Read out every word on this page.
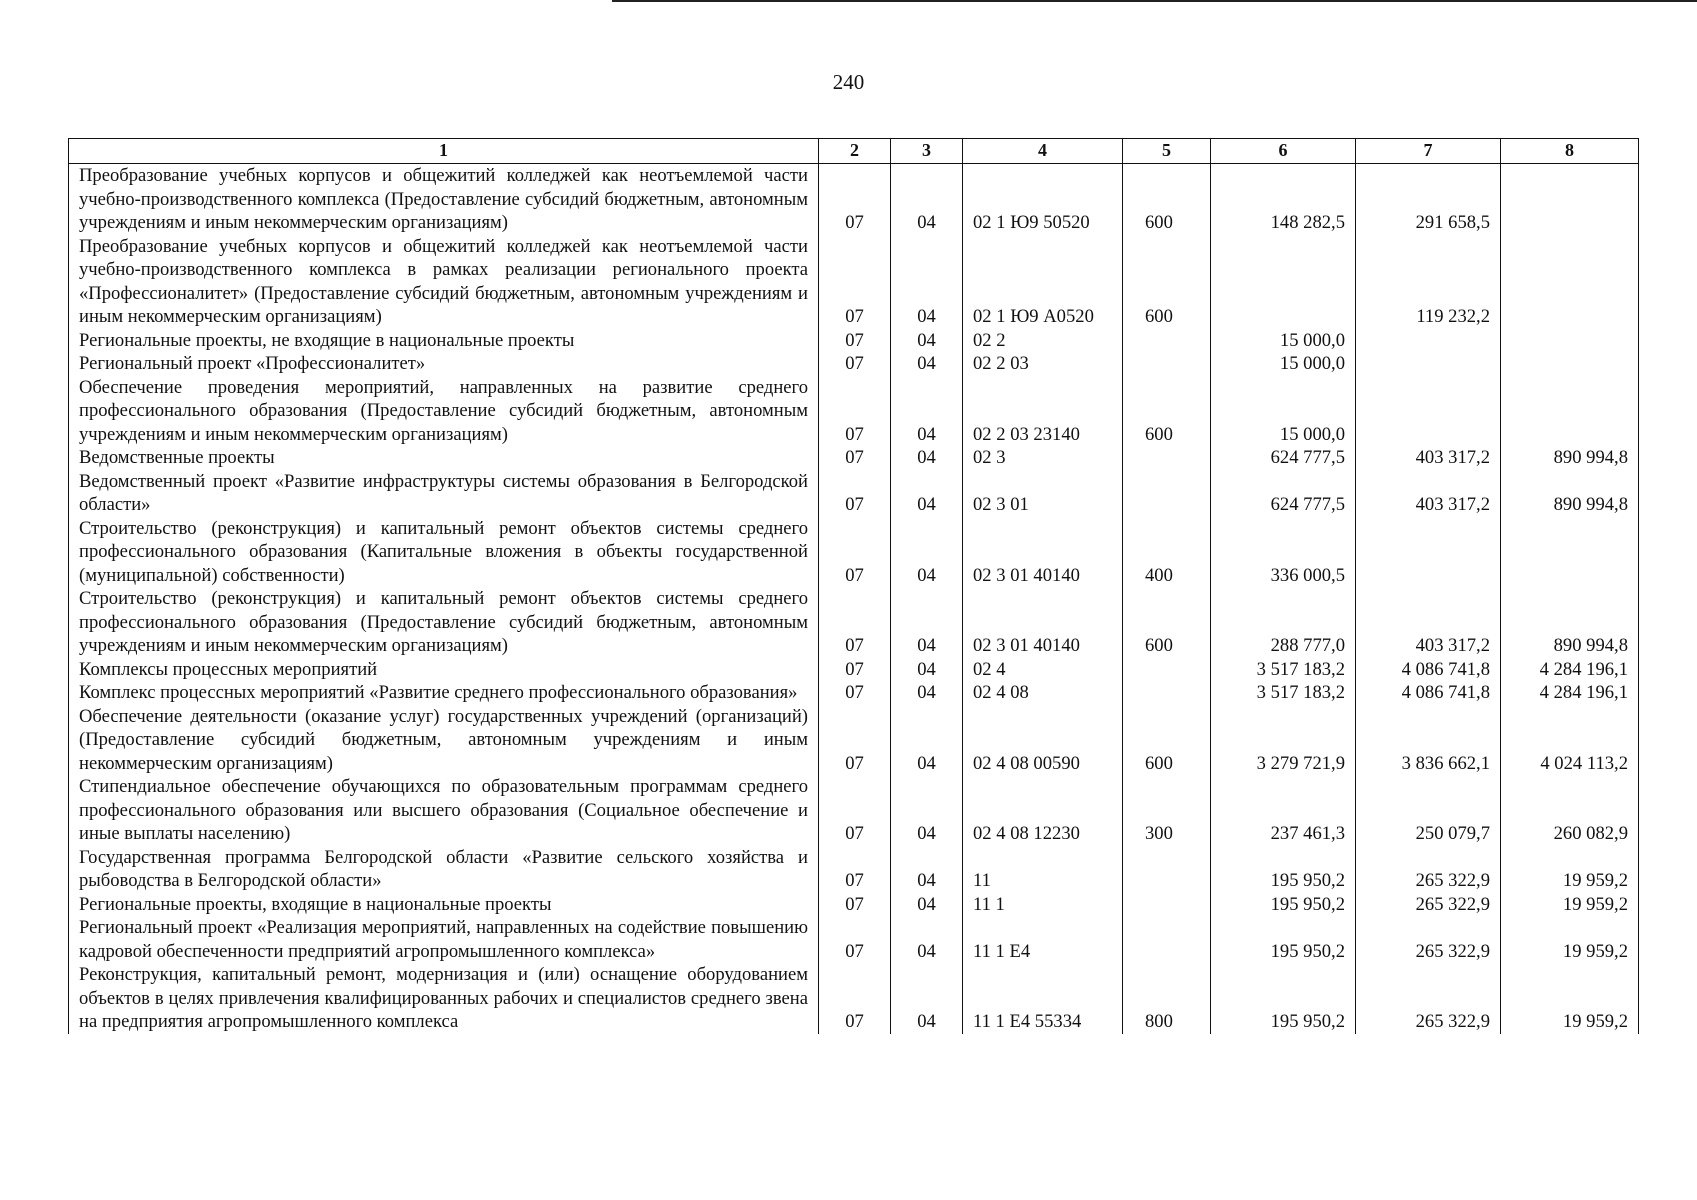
240
1	2	3	4	5	6	7	8
Преобразование учебных корпусов и общежитий колледжей как неотъемлемой части учебно-производственного комплекса (Предоставление субсидий бюджетным, автономным учреждениям и иным некоммерческим организациям)	07	04	02 1 Ю9 50520	600	148 282,5	291 658,5	
Преобразование учебных корпусов и общежитий колледжей как неотъемлемой части учебно-производственного комплекса в рамках реализации регионального проекта «Профессионалитет» (Предоставление субсидий бюджетным, автономным учреждениям и иным некоммерческим организациям)	07	04	02 1 Ю9 А0520	600		119 232,2	
Региональные проекты, не входящие в национальные проекты	07	04	02 2		15 000,0		
Региональный проект «Профессионалитет»	07	04	02 2 03		15 000,0		
Обеспечение проведения мероприятий, направленных на развитие среднего профессионального образования (Предоставление субсидий бюджетным, автономным учреждениям и иным некоммерческим организациям)	07	04	02 2 03 23140	600	15 000,0		
Ведомственные проекты	07	04	02 3		624 777,5	403 317,2	890 994,8
Ведомственный проект «Развитие инфраструктуры системы образования в Белгородской области»	07	04	02 3 01		624 777,5	403 317,2	890 994,8
Строительство (реконструкция) и капитальный ремонт объектов системы среднего профессионального образования (Капитальные вложения в объекты государственной (муниципальной) собственности)	07	04	02 3 01 40140	400	336 000,5		
Строительство (реконструкция) и капитальный ремонт объектов системы среднего профессионального образования (Предоставление субсидий бюджетным, автономным учреждениям и иным некоммерческим организациям)	07	04	02 3 01 40140	600	288 777,0	403 317,2	890 994,8
Комплексы процессных мероприятий	07	04	02 4		3 517 183,2	4 086 741,8	4 284 196,1
Комплекс процессных мероприятий «Развитие среднего профессионального образования»	07	04	02 4 08		3 517 183,2	4 086 741,8	4 284 196,1
Обеспечение деятельности (оказание услуг) государственных учреждений (организаций) (Предоставление субсидий бюджетным, автономным учреждениям и иным некоммерческим организациям)	07	04	02 4 08 00590	600	3 279 721,9	3 836 662,1	4 024 113,2
Стипендиальное обеспечение обучающихся по образовательным программам среднего профессионального образования или высшего образования (Социальное обеспечение и иные выплаты населению)	07	04	02 4 08 12230	300	237 461,3	250 079,7	260 082,9
Государственная программа Белгородской области «Развитие сельского хозяйства и рыбоводства в Белгородской области»	07	04	11		195 950,2	265 322,9	19 959,2
Региональные проекты, входящие в национальные проекты	07	04	11 1		195 950,2	265 322,9	19 959,2
Региональный проект «Реализация мероприятий, направленных на содействие повышению кадровой обеспеченности предприятий агропромышленного комплекса»	07	04	11 1 Е4		195 950,2	265 322,9	19 959,2
Реконструкция, капитальный ремонт, модернизация и (или) оснащение оборудованием объектов в целях привлечения квалифицированных рабочих и специалистов среднего звена на предприятия агропромышленного комплекса	07	04	11 1 Е4 55334	800	195 950,2	265 322,9	19 959,2
